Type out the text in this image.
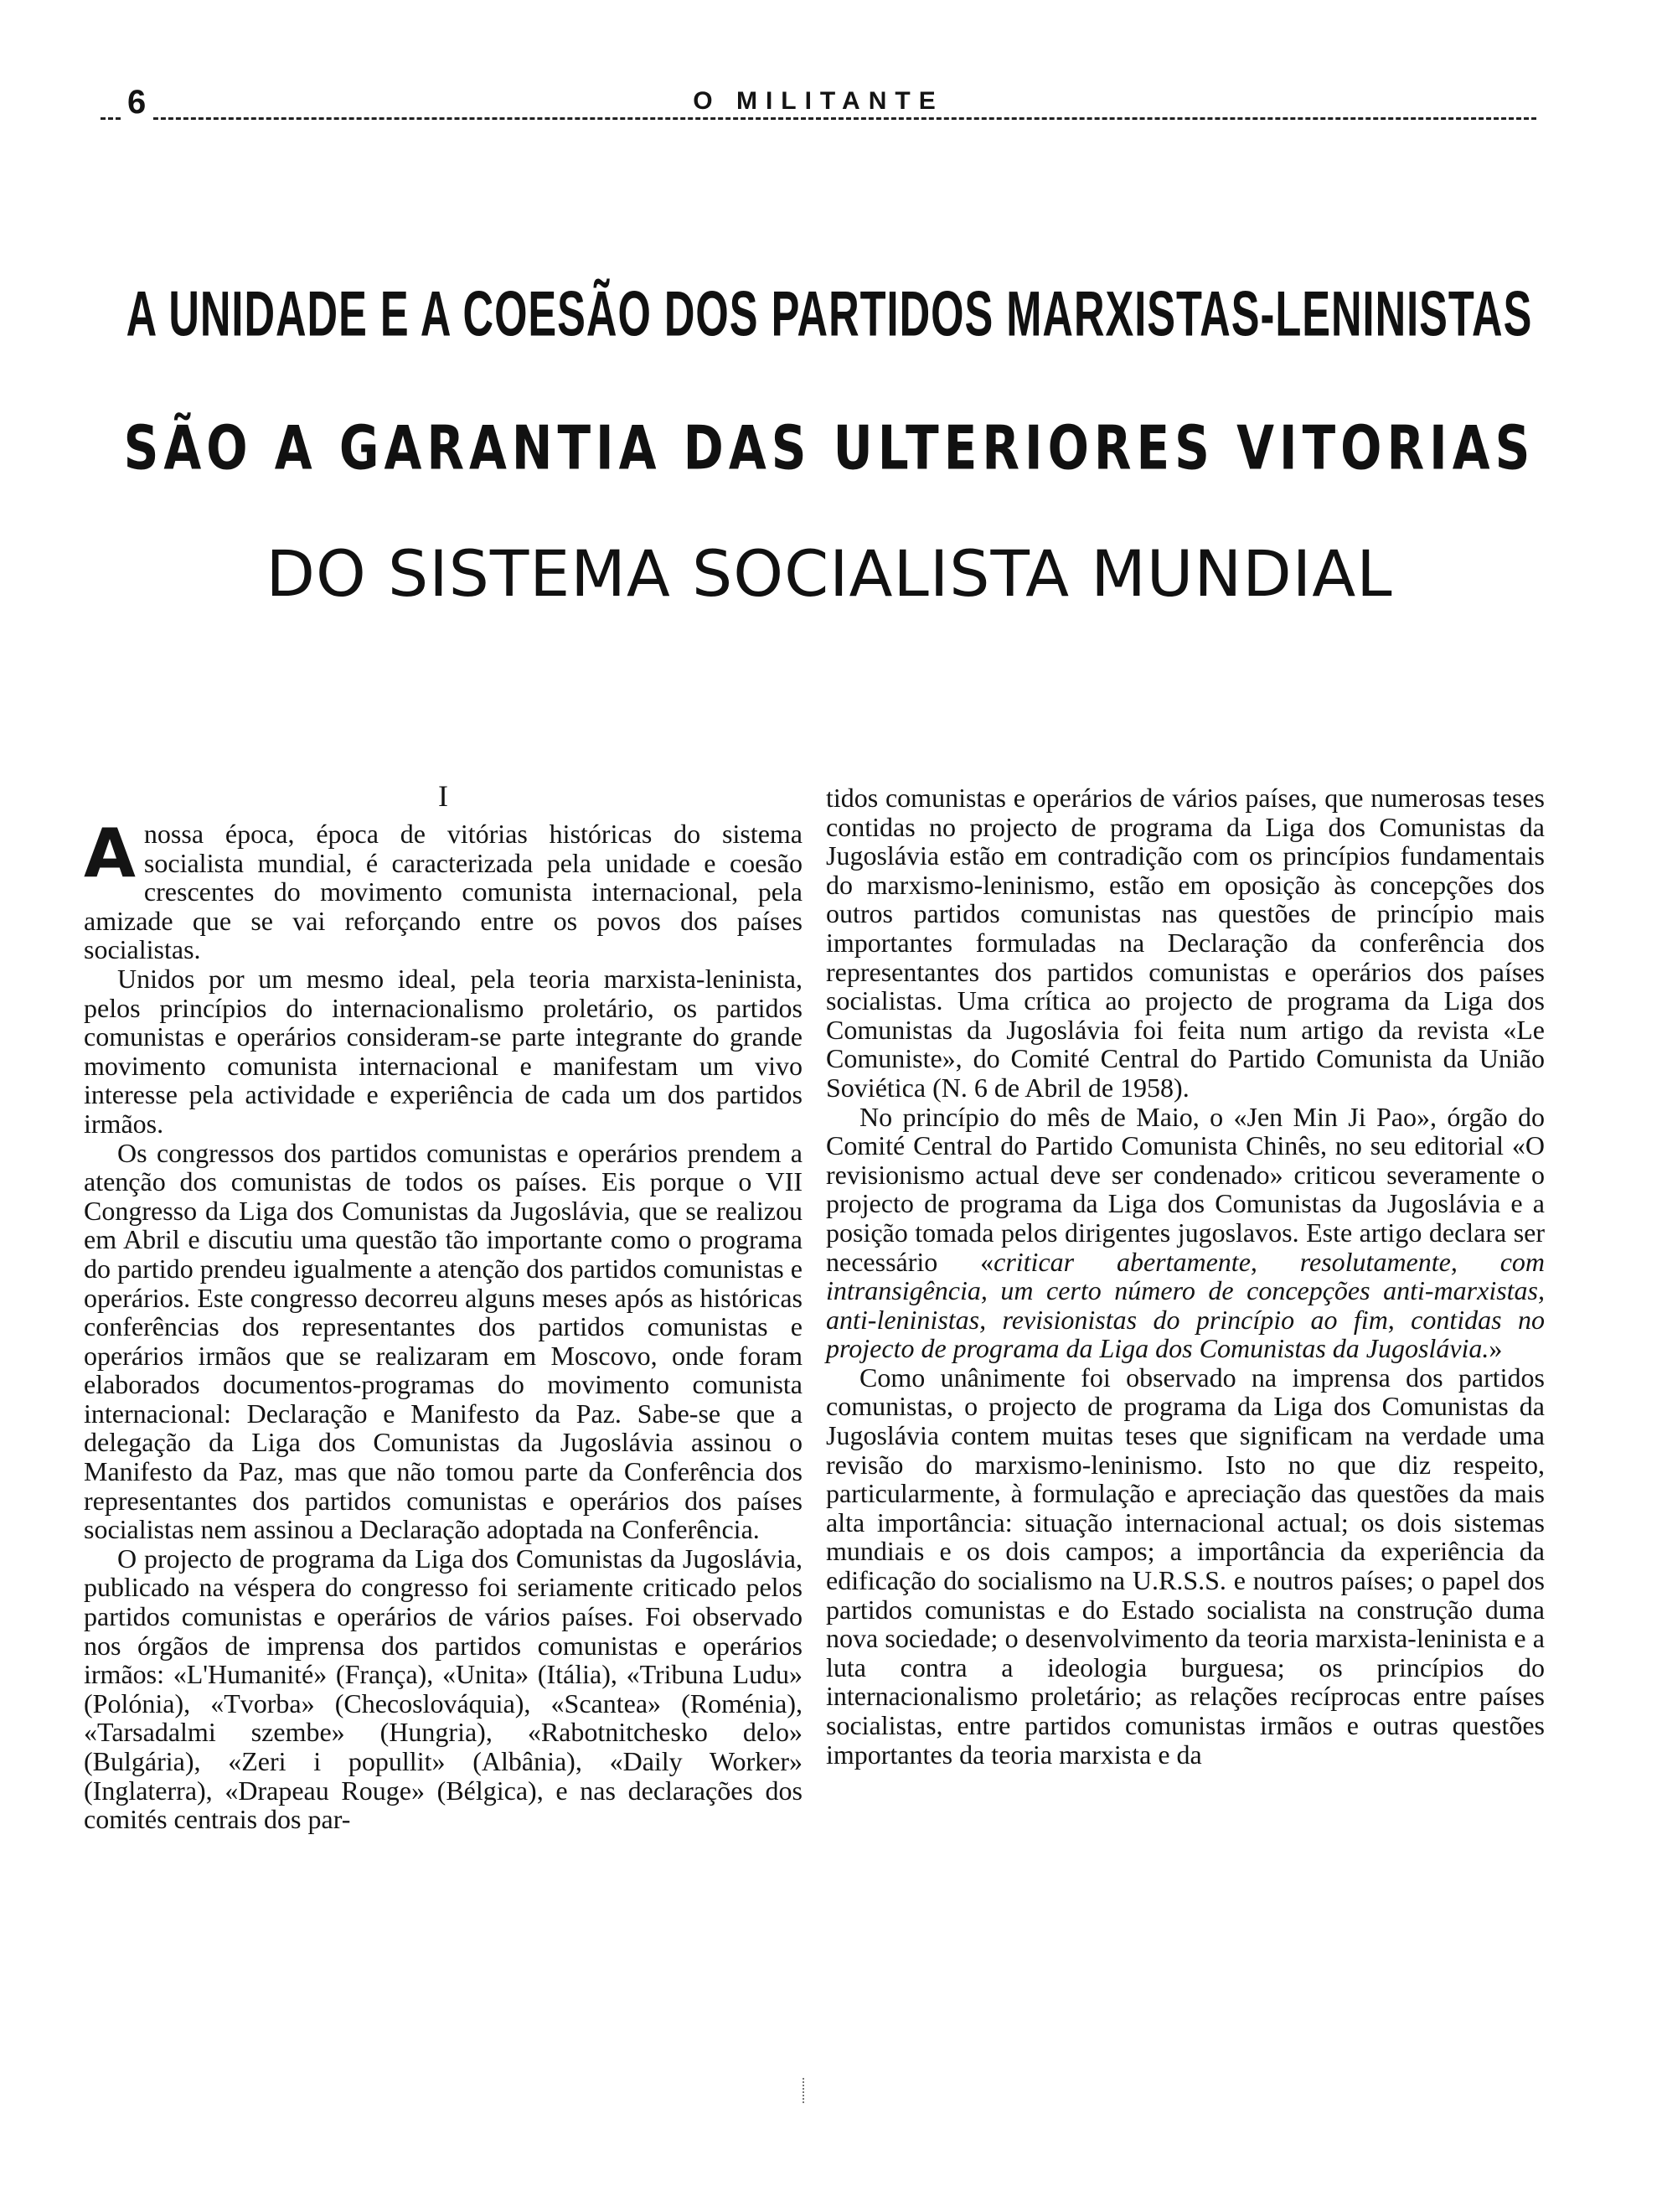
6	O MILITANTE
A UNIDADE E A COESÃO DOS PARTIDOS MARXISTAS-LENINISTAS
SÃO A GARANTIA DAS ULTERIORES VITORIAS
DO SISTEMA SOCIALISTA MUNDIAL
I

Anossa época, época de vitórias históricas do sistema socialista mundial, é caracterizada pela unidade e coesão crescentes do movimento comunista internacional, pela amizade que se vai reforçando entre os povos dos países socialistas.

Unidos por um mesmo ideal, pela teoria marxista-leninista, pelos princípios do internacionalismo proletário, os partidos comunistas e operários consideram-se parte integrante do grande movimento comunista internacional e manifestam um vivo interesse pela actividade e experiência de cada um dos partidos irmãos.

Os congressos dos partidos comunistas e operários prendem a atenção dos comunistas de todos os países. Eis porque o VII Congresso da Liga dos Comunistas da Jugoslávia, que se realizou em Abril e discutiu uma questão tão importante como o programa do partido prendeu igualmente a atenção dos partidos comunistas e operários. Este congresso decorreu alguns meses após as históricas conferências dos representantes dos partidos comunistas e operários irmãos que se realizaram em Moscovo, onde foram elaborados documentos-programas do movimento comunista internacional: Declaração e Manifesto da Paz. Sabe-se que a delegação da Liga dos Comunistas da Jugoslávia assinou o Manifesto da Paz, mas que não tomou parte da Conferência dos representantes dos partidos comunistas e operários dos países socialistas nem assinou a Declaração adoptada na Conferência.

O projecto de programa da Liga dos Comunistas da Jugoslávia, publicado na véspera do congresso foi seriamente criticado pelos partidos comunistas e operários de vários países. Foi observado nos órgãos de imprensa dos partidos comunistas e operários irmãos: «L'Humanité» (França), «Unita» (Itália), «Tribuna Ludu» (Polónia), «Tvorba» (Checoslováquia), «Scantea» (Roménia), «Tarsadalmi szembe» (Hungria), «Rabotnitchesko delo» (Bulgária), «Zeri i popullit» (Albânia), «Daily Worker» (Inglaterra), «Drapeau Rouge» (Bélgica), e nas declarações dos comités centrais dos par-

tidos comunistas e operários de vários países, que numerosas teses contidas no projecto de programa da Liga dos Comunistas da Jugoslávia estão em contradição com os princípios fundamentais do marxismo-leninismo, estão em oposição às concepções dos outros partidos comunistas nas questões de princípio mais importantes formuladas na Declaração da conferência dos representantes dos partidos comunistas e operários dos países socialistas. Uma crítica ao projecto de programa da Liga dos Comunistas da Jugoslávia foi feita num artigo da revista «Le Comuniste», do Comité Central do Partido Comunista da União Soviética (N. 6 de Abril de 1958).

No princípio do mês de Maio, o «Jen Min Ji Pao», órgão do Comité Central do Partido Comunista Chinês, no seu editorial «O revisionismo actual deve ser condenado» criticou severamente o projecto de programa da Liga dos Comunistas da Jugoslávia e a posição tomada pelos dirigentes jugoslavos. Este artigo declara ser necessário «criticar abertamente, resolutamente, com intransigência, um certo número de concepções anti-marxistas, anti-leninistas, revisionistas do princípio ao fim, contidas no projecto de programa da Liga dos Comunistas da Jugoslávia.»

Como unânimente foi observado na imprensa dos partidos comunistas, o projecto de programa da Liga dos Comunistas da Jugoslávia contem muitas teses que significam na verdade uma revisão do marxismo-leninismo. Isto no que diz respeito, particularmente, à formulação e apreciação das questões da mais alta importância: situação internacional actual; os dois sistemas mundiais e os dois campos; a importância da experiência da edificação do socialismo na U.R.S.S. e noutros países; o papel dos partidos comunistas e do Estado socialista na construção duma nova sociedade; o desenvolvimento da teoria marxista-leninista e a luta contra a ideologia burguesa; os princípios do internacionalismo proletário; as relações recíprocas entre países socialistas, entre partidos comunistas irmãos e outras questões importantes da teoria marxista e da
